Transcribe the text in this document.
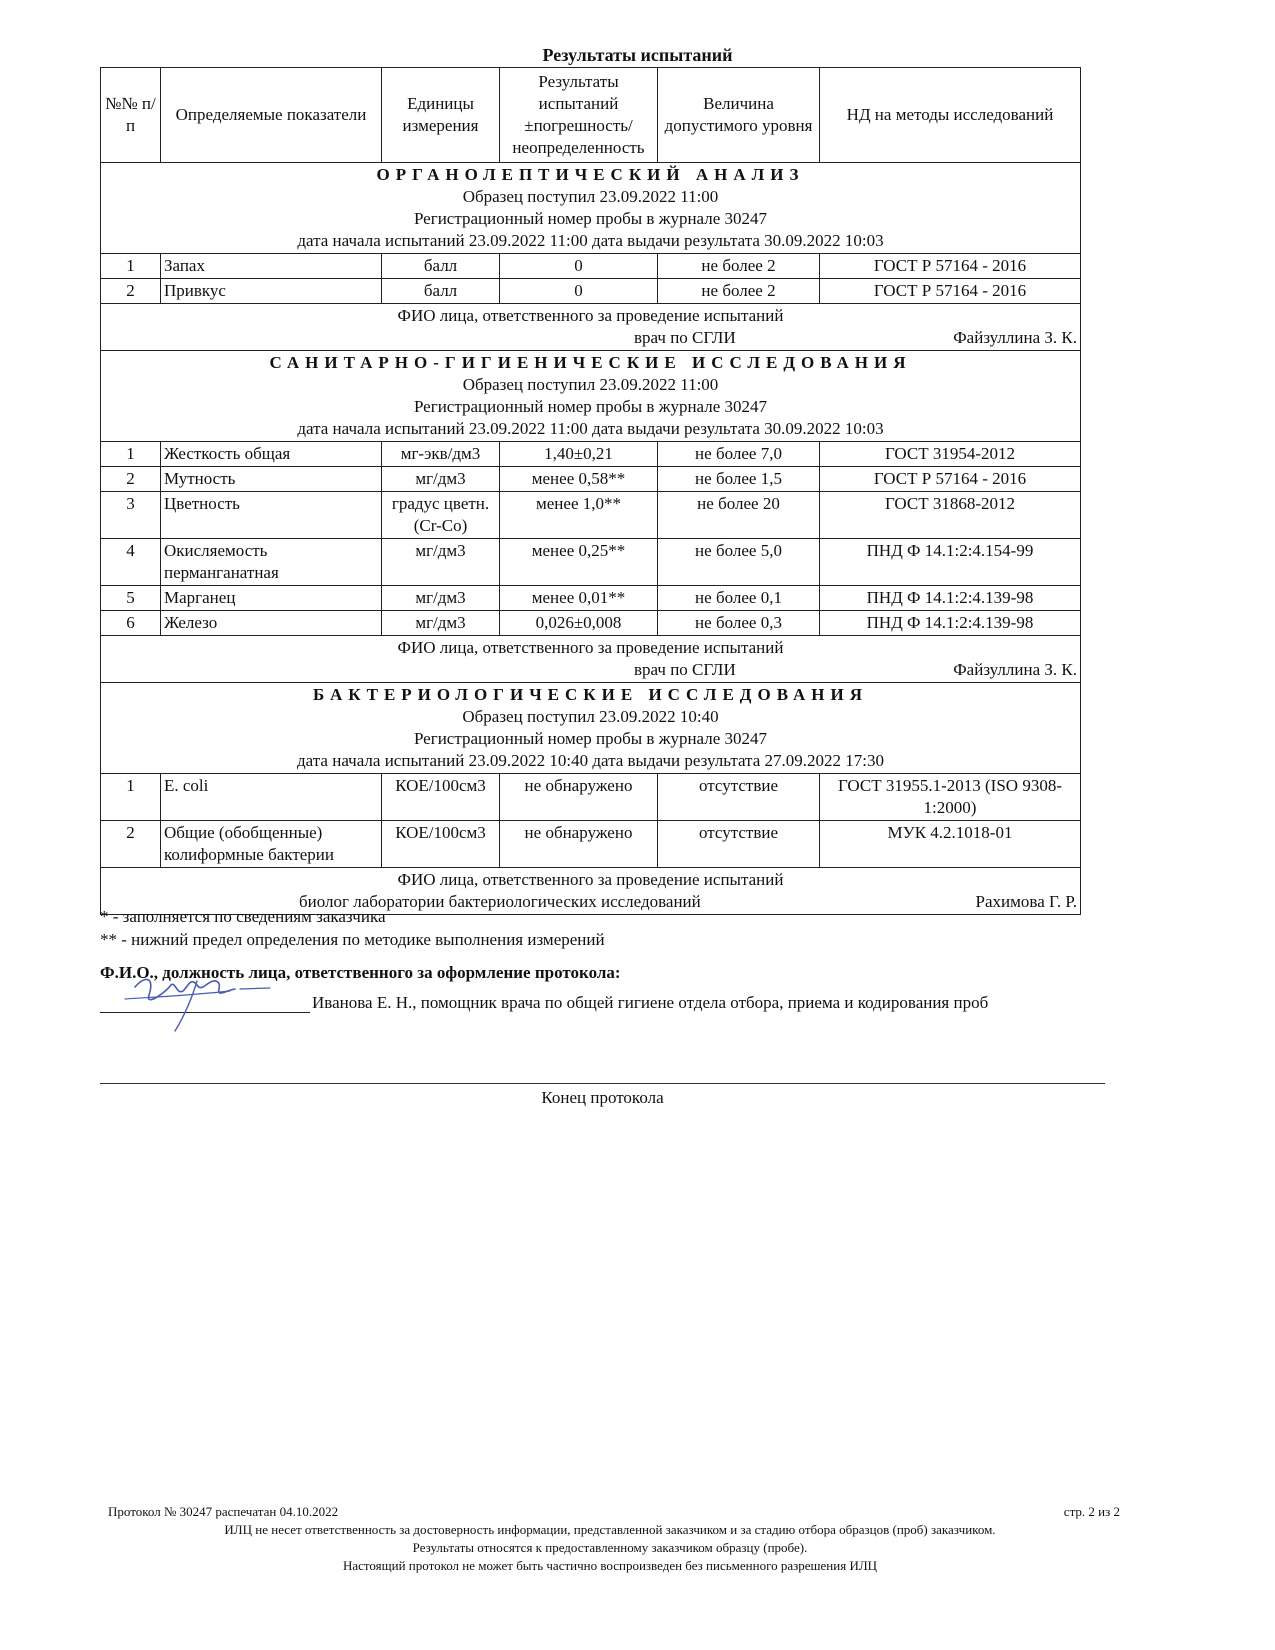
Результаты испытаний
№№ п/п	Определяемые показатели	Единицы измерения	Результаты испытаний ±погрешность/ неопределенность	Величина допустимого уровня	НД на методы исследований

ОРГАНОЛЕПТИЧЕСКИЙ АНАЛИЗ
Образец поступил 23.09.2022 11:00
Регистрационный номер пробы в журнале 30247
дата начала испытаний 23.09.2022 11:00 дата выдачи результата 30.09.2022 10:03					

1	Запах	балл	0	не более 2	ГОСТ Р 57164 - 2016
2	Привкус	балл	0	не более 2	ГОСТ Р 57164 - 2016

ФИО лица, ответственного за проведение испытаний
врач по СГЛИ Файзуллина З. К.					

САНИТАРНО-ГИГИЕНИЧЕСКИЕ ИССЛЕДОВАНИЯ
Образец поступил 23.09.2022 11:00
Регистрационный номер пробы в журнале 30247
дата начала испытаний 23.09.2022 11:00 дата выдачи результата 30.09.2022 10:03					

1	Жесткость общая	мг-экв/дм3	1,40±0,21	не более 7,0	ГОСТ 31954-2012
2	Мутность	мг/дм3	менее 0,58**	не более 1,5	ГОСТ Р 57164 - 2016
3	Цветность	градус цветн.(Cr-Co)	менее 1,0**	не более 20	ГОСТ 31868-2012
4	Окисляемость перманганатная	мг/дм3	менее 0,25**	не более 5,0	ПНД Ф 14.1:2:4.154-99
5	Марганец	мг/дм3	менее 0,01**	не более 0,1	ПНД Ф 14.1:2:4.139-98
6	Железо	мг/дм3	0,026±0,008	не более 0,3	ПНД Ф 14.1:2:4.139-98

ФИО лица, ответственного за проведение испытаний
врач по СГЛИ Файзуллина З. К.					

БАКТЕРИОЛОГИЧЕСКИЕ ИССЛЕДОВАНИЯ
Образец поступил 23.09.2022 10:40
Регистрационный номер пробы в журнале 30247
дата начала испытаний 23.09.2022 10:40 дата выдачи результата 27.09.2022 17:30					

1	E. coli	КОЕ/100см3	не обнаружено	отсутствие	ГОСТ 31955.1-2013 (ISO 9308-1:2000)
2	Общие (обобщенные) колиформные бактерии	КОЕ/100см3	не обнаружено	отсутствие	МУК 4.2.1018-01

ФИО лица, ответственного за проведение испытаний
биолог лаборатории бактериологических исследований Рахимова Г. Р.					
* - заполняется по сведениям заказчика
** - нижний предел определения по методике выполнения измерений
Ф.И.О., должность лица, ответственного за оформление протокола:
Иванова Е. Н., помощник врача по общей гигиене отдела отбора, приема и кодирования проб
Конец протокола
Протокол № 30247 распечатан 04.10.2022	стр. 2 из 2
ИЛЦ не несет ответственность за достоверность информации, представленной заказчиком и за стадию отбора образцов (проб) заказчиком.
Результаты относятся к предоставленному заказчиком образцу (пробе).
Настоящий протокол не может быть частично воспроизведен без письменного разрешения ИЛЦ
